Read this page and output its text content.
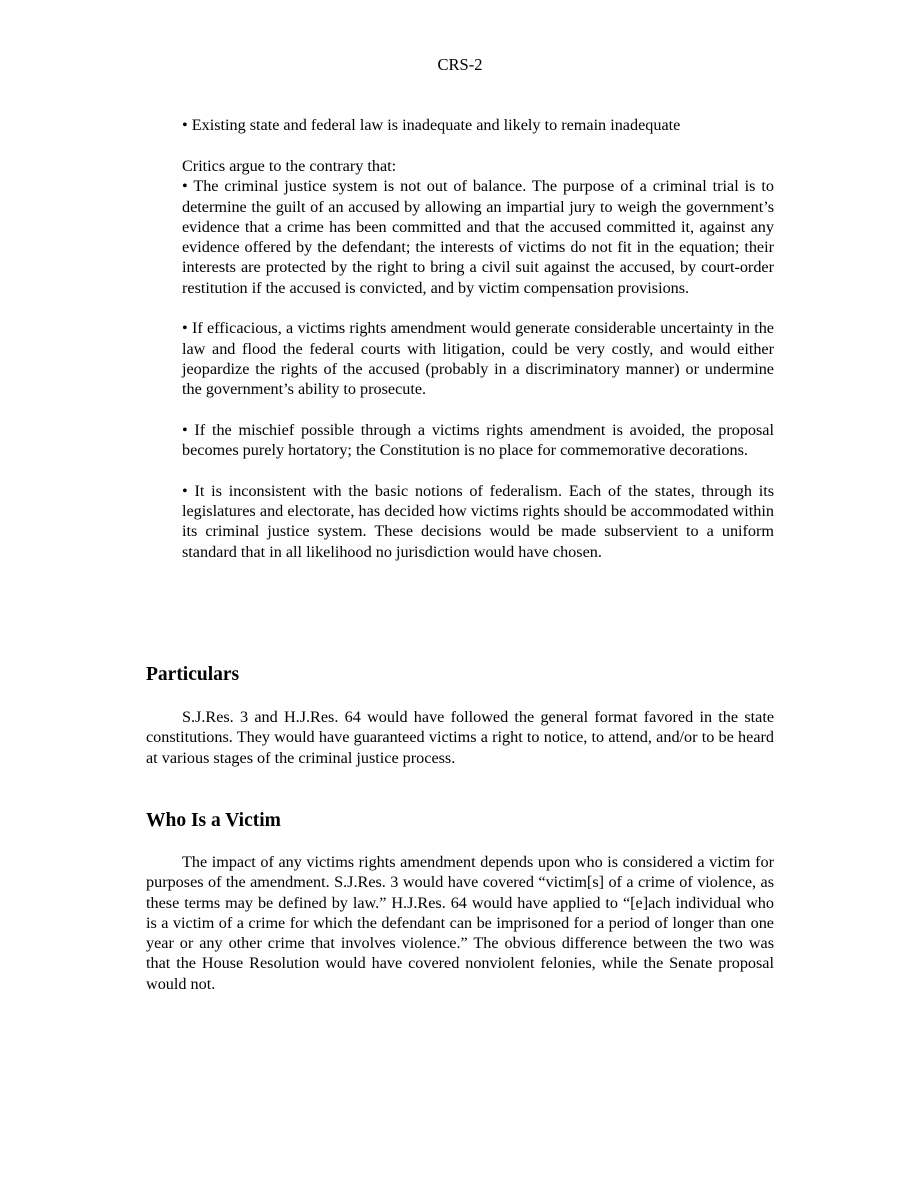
CRS-2

• Existing state and federal law is inadequate and likely to remain inadequate

Critics argue to the contrary that:

• The criminal justice system is not out of balance. The purpose of a criminal trial is to determine the guilt of an accused by allowing an impartial jury to weigh the government’s evidence that a crime has been committed and that the accused committed it, against any evidence offered by the defendant; the interests of victims do not fit in the equation; their interests are protected by the right to bring a civil suit against the accused, by court-order restitution if the accused is convicted, and by victim compensation provisions.

• If efficacious, a victims rights amendment would generate considerable uncertainty in the law and flood the federal courts with litigation, could be very costly, and would either jeopardize the rights of the accused (probably in a discriminatory manner) or undermine the government’s ability to prosecute.

• If the mischief possible through a victims rights amendment is avoided, the proposal becomes purely hortatory; the Constitution is no place for commemorative decorations.

• It is inconsistent with the basic notions of federalism. Each of the states, through its legislatures and electorate, has decided how victims rights should be accommodated within its criminal justice system. These decisions would be made subservient to a uniform standard that in all likelihood no jurisdiction would have chosen.

Particulars

S.J.Res. 3 and H.J.Res. 64 would have followed the general format favored in the state constitutions. They would have guaranteed victims a right to notice, to attend, and/or to be heard at various stages of the criminal justice process.

Who Is a Victim

The impact of any victims rights amendment depends upon who is considered a victim for purposes of the amendment. S.J.Res. 3 would have covered “victim[s] of a crime of violence, as these terms may be defined by law.” H.J.Res. 64 would have applied to “[e]ach individual who is a victim of a crime for which the defendant can be imprisoned for a period of longer than one year or any other crime that involves violence.” The obvious difference between the two was that the House Resolution would have covered nonviolent felonies, while the Senate proposal would not.
